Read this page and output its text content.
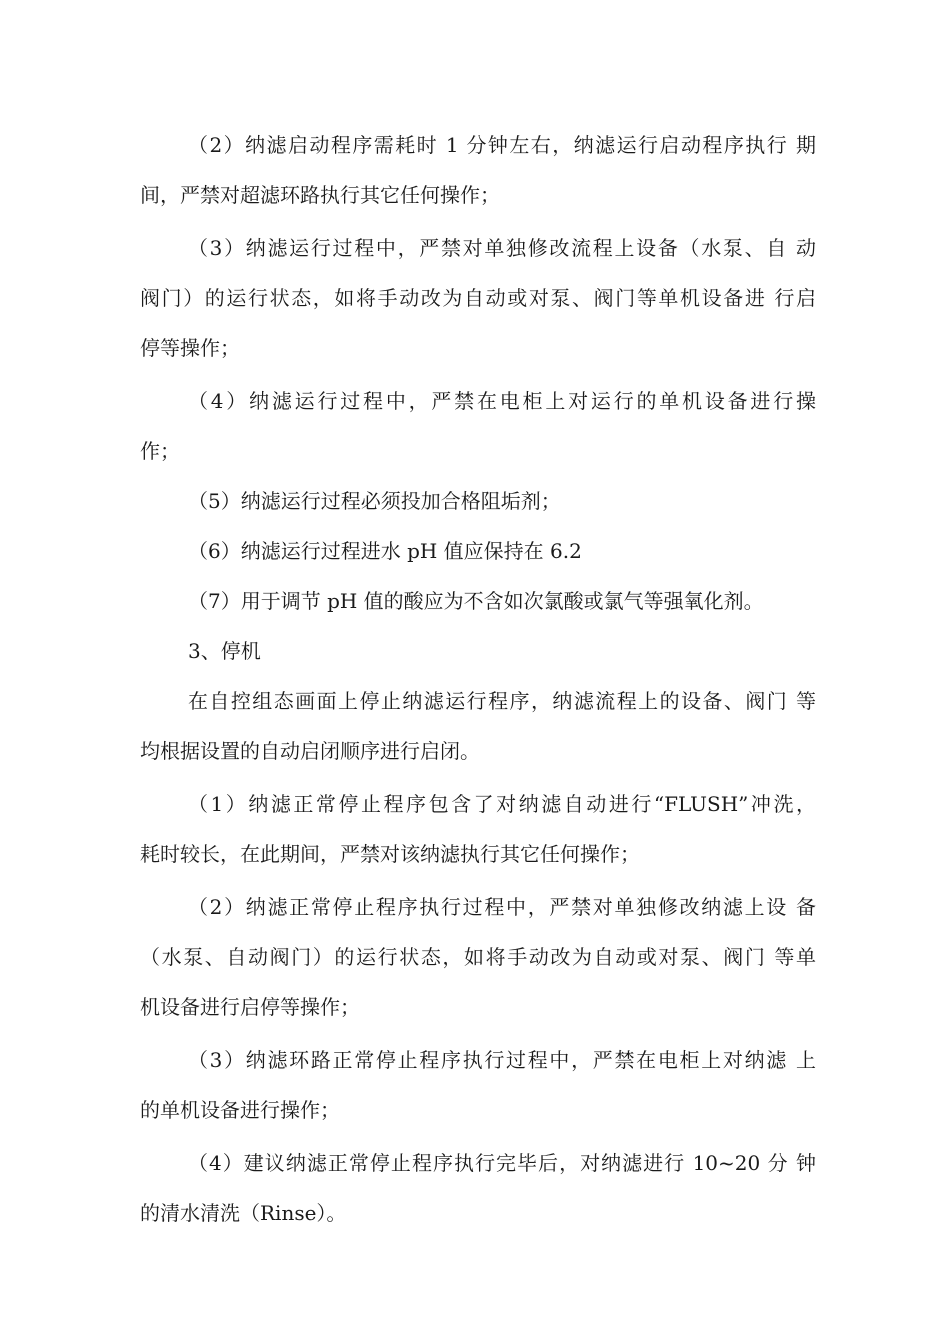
（2）纳滤启动程序需耗时 1 分钟左右，纳滤运行启动程序执行 期
间，严禁对超滤环路执行其它任何操作；
（3）纳滤运行过程中，严禁对单独修改流程上设备（水泵、自 动
阀门）的运行状态，如将手动改为自动或对泵、阀门等单机设备进 行启
停等操作；
（4）纳滤运行过程中，严禁在电柜上对运行的单机设备进行操
作；
（5）纳滤运行过程必须投加合格阻垢剂；
（6）纳滤运行过程进水 pH 值应保持在 6.2
（7）用于调节 pH 值的酸应为不含如次氯酸或氯气等强氧化剂。
3、停机
在自控组态画面上停止纳滤运行程序，纳滤流程上的设备、阀门 等
均根据设置的自动启闭顺序进行启闭。
（1）纳滤正常停止程序包含了对纳滤自动进行“FLUSH”冲洗，
耗时较长，在此期间，严禁对该纳滤执行其它任何操作；
（2）纳滤正常停止程序执行过程中，严禁对单独修改纳滤上设 备
（水泵、自动阀门）的运行状态，如将手动改为自动或对泵、阀门 等单
机设备进行启停等操作；
（3）纳滤环路正常停止程序执行过程中，严禁在电柜上对纳滤 上
的单机设备进行操作；
（4）建议纳滤正常停止程序执行完毕后，对纳滤进行 10~20 分 钟
的清水清洗（Rinse）。
